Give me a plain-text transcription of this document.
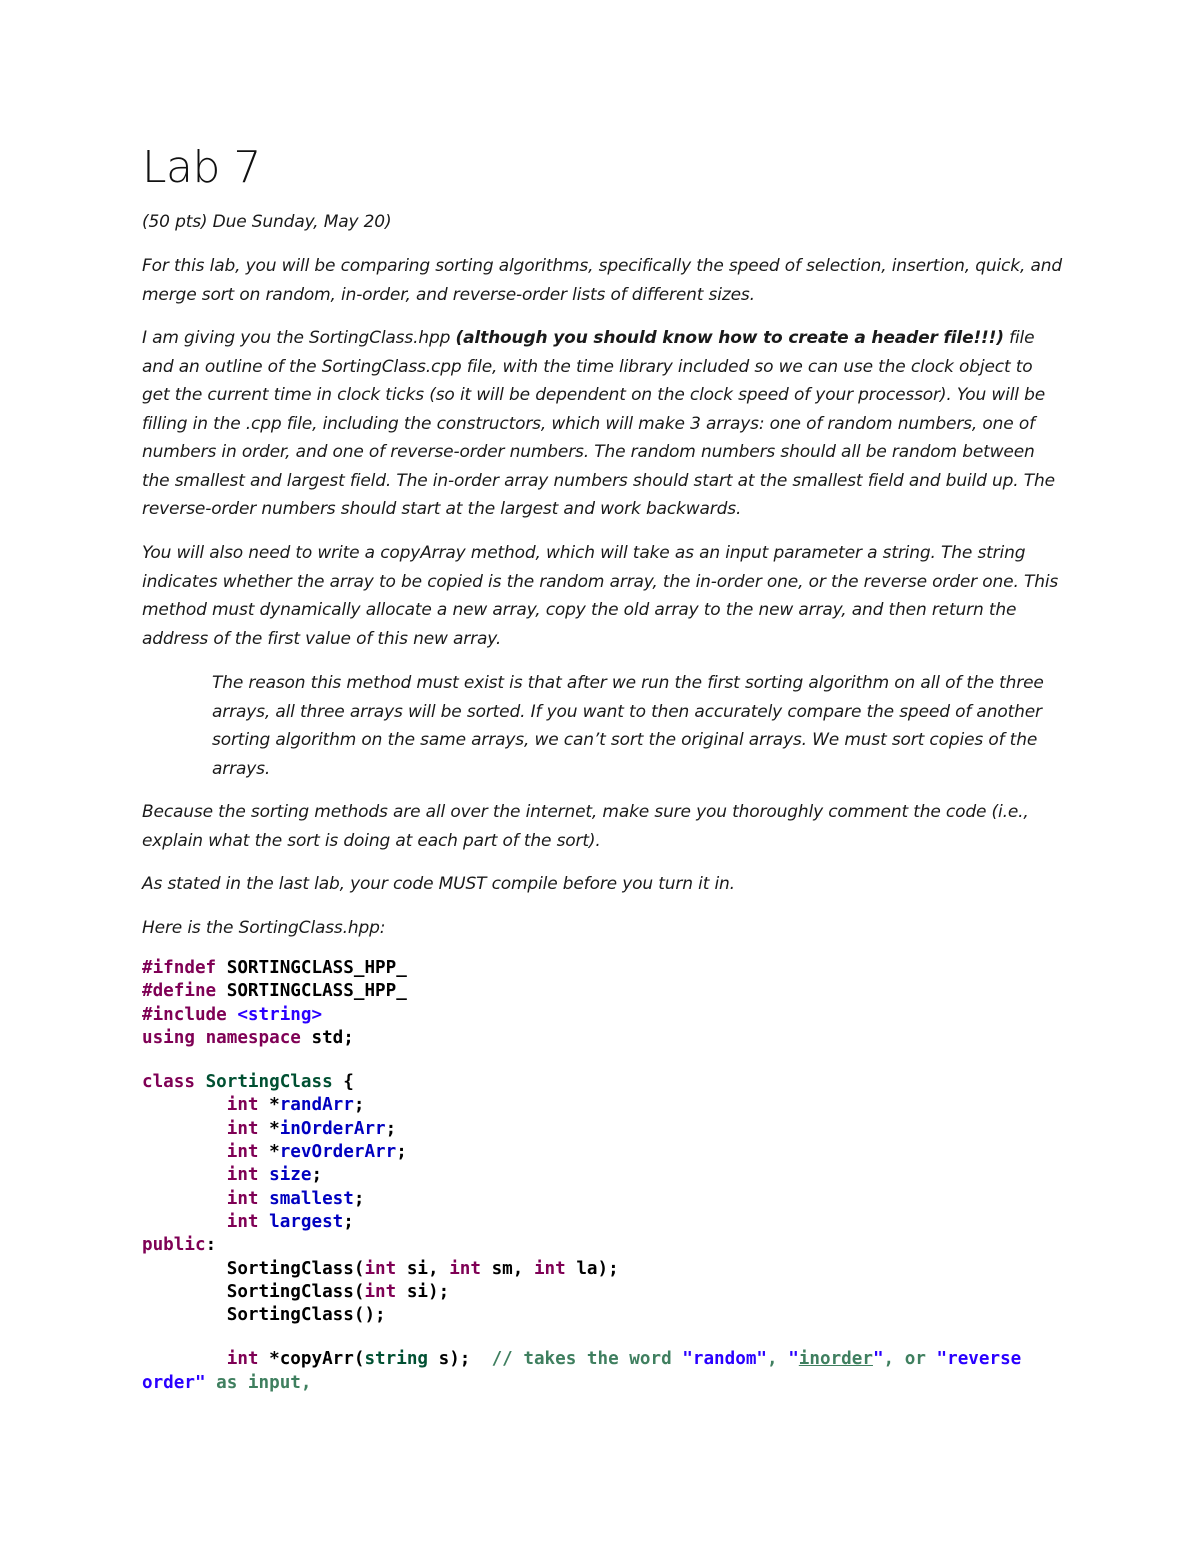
Lab 7
(50 pts) Due Sunday, May 20)
For this lab, you will be comparing sorting algorithms, specifically the speed of selection, insertion, quick, and merge sort on random, in-order, and reverse-order lists of different sizes.
I am giving you the SortingClass.hpp (although you should know how to create a header file!!!) file and an outline of the SortingClass.cpp file, with the time library included so we can use the clock object to get the current time in clock ticks (so it will be dependent on the clock speed of your processor). You will be filling in the .cpp file, including the constructors, which will make 3 arrays: one of random numbers, one of numbers in order, and one of reverse-order numbers. The random numbers should all be random between the smallest and largest field. The in-order array numbers should start at the smallest field and build up. The reverse-order numbers should start at the largest and work backwards.
You will also need to write a copyArray method, which will take as an input parameter a string. The string indicates whether the array to be copied is the random array, the in-order one, or the reverse order one. This method must dynamically allocate a new array, copy the old array to the new array, and then return the address of the first value of this new array.
The reason this method must exist is that after we run the first sorting algorithm on all of the three arrays, all three arrays will be sorted. If you want to then accurately compare the speed of another sorting algorithm on the same arrays, we can’t sort the original arrays. We must sort copies of the arrays.
Because the sorting methods are all over the internet, make sure you thoroughly comment the code (i.e., explain what the sort is doing at each part of the sort).
As stated in the last lab, your code MUST compile before you turn it in.
Here is the SortingClass.hpp:
#ifndef SORTINGCLASS_HPP_
#define SORTINGCLASS_HPP_
#include <string>
using namespace std;
class SortingClass {
	int *randArr;
	int *inOrderArr;
	int *revOrderArr;
	int size;
	int smallest;
	int largest;
public:
	SortingClass(int si, int sm, int la);
	SortingClass(int si);
	SortingClass();
	int *copyArr(string s);  // takes the word "random", "inorder", or "reverse
order" as input,
